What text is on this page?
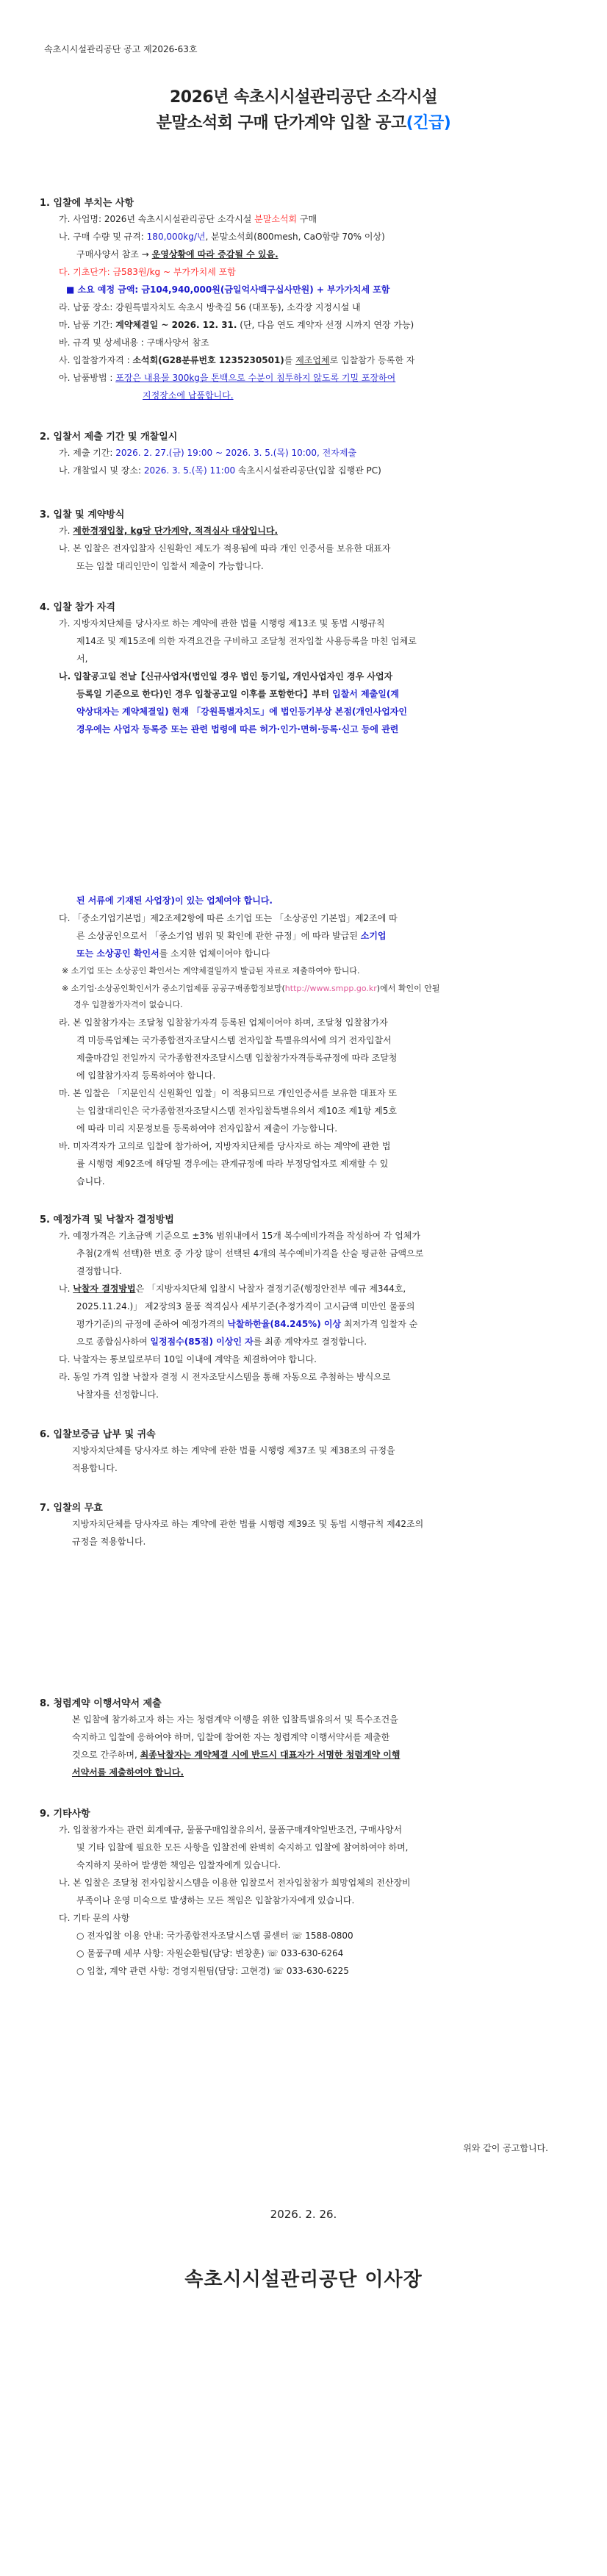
속초시시설관리공단 공고 제2026-63호
2026년 속초시시설관리공단 소각시설
분말소석회 구매 단가계약 입찰 공고(긴급)
1. 입찰에 부치는 사항
가. 사업명: 2026년 속초시시설관리공단 소각시설 분말소석회 구매
나. 구매 수량 및 규격: 180,000kg/년, 분말소석회(800mesh, CaO함량 70% 이상)
구매사양서 참조 → 운영상황에 따라 증감될 수 있음.
다. 기초단가: 금583원/kg ~ 부가가치세 포함
■ 소요 예정 금액: 금104,940,000원(금일억사백구십사만원) + 부가가치세 포함
라. 납품 장소: 강원특별자치도 속초시 방축길 56 (대포동), 소각장 지정시설 내
마. 납품 기간: 계약체결일 ~ 2026. 12. 31. (단, 다음 연도 계약자 선정 시까지 연장 가능)
바. 규격 및 상세내용 : 구매사양서 참조
사. 입찰참가자격 : 소석회(G28분류번호 1235230501)를 제조업체로 입찰참가 등록한 자
아. 납품방법 : 포장은 내용물 300kg을 톤백으로 수분이 침투하지 않도록 기밀 포장하여
지정장소에 납품합니다.
2. 입찰서 제출 기간 및 개찰일시
가. 제출 기간: 2026. 2. 27.(금) 19:00 ~ 2026. 3. 5.(목) 10:00, 전자제출
나. 개찰일시 및 장소: 2026. 3. 5.(목) 11:00 속초시시설관리공단(입찰 집행관 PC)
3. 입찰 및 계약방식
가. 제한경쟁입찰, kg당 단가계약, 적격심사 대상입니다.
나. 본 입찰은 전자입찰자 신원확인 제도가 적용됨에 따라 개인 인증서를 보유한 대표자
또는 입찰 대리인만이 입찰서 제출이 가능합니다.
4. 입찰 참가 자격
가. 지방자치단체를 당사자로 하는 계약에 관한 법률 시행령 제13조 및 동법 시행규칙
제14조 및 제15조에 의한 자격요건을 구비하고 조달청 전자입찰 사용등록을 마친 업체로
서,
나. 입찰공고일 전날【신규사업자(법인일 경우 법인 등기일, 개인사업자인 경우 사업자
등록일 기준으로 한다)인 경우 입찰공고일 이후를 포함한다】부터 입찰서 제출일(계
약상대자는 계약체결일) 현재 「강원특별자치도」에 법인등기부상 본점(개인사업자인
경우에는 사업자 등록증 또는 관련 법령에 따른 허가·인가·면허·등록·신고 등에 관련
된 서류에 기재된 사업장)이 있는 업체여야 합니다.
다. 「중소기업기본법」제2조제2항에 따른 소기업 또는 「소상공인 기본법」제2조에 따
른 소상공인으로서 「중소기업 범위 및 확인에 관한 규정」에 따라 발급된 소기업
또는 소상공인 확인서를 소지한 업체이어야 합니다
※ 소기업 또는 소상공인 확인서는 계약체결일까지 발급된 자료로 제출하여야 합니다.
※ 소기업·소상공인확인서가 중소기업제품 공공구매종합정보망(http://www.smpp.go.kr)에서 확인이 안될
경우 입찰참가자격이 없습니다.
라. 본 입찰참가자는 조달청 입찰참가자격 등록된 업체이어야 하며, 조달청 입찰참가자
격 미등록업체는 국가종합전자조달시스템 전자입찰 특별유의서에 의거 전자입찰서
제출마감일 전일까지 국가종합전자조달시스템 입찰참가자격등록규정에 따라 조달청
에 입찰참가자격 등록하여야 합니다.
마. 본 입찰은 「지문인식 신원확인 입찰」이 적용되므로 개인인증서를 보유한 대표자 또
는 입찰대리인은 국가종합전자조달시스템 전자입찰특별유의서 제10조 제1항 제5호
에 따라 미리 지문정보를 등록하여야 전자입찰서 제출이 가능합니다.
바. 미자격자가 고의로 입찰에 참가하여, 지방자치단체를 당사자로 하는 계약에 관한 법
률 시행령 제92조에 해당될 경우에는 관계규정에 따라 부정당업자로 제재할 수 있
습니다.
5. 예정가격 및 낙찰자 결정방법
가. 예정가격은 기초금액 기준으로 ±3% 범위내에서 15개 복수예비가격을 작성하여 각 업체가
추첨(2개씩 선택)한 번호 중 가장 많이 선택된 4개의 복수예비가격을 산술 평균한 금액으로
결정합니다.
나. 낙찰자 결정방법은 「지방자치단체 입찰시 낙찰자 결정기준(행정안전부 예규 제344호,
2025.11.24.)」 제2장의3 물품 적격심사 세부기준(추정가격이 고시금액 미만인 물품의
평가기준)의 규정에 준하여 예정가격의 낙찰하한율(84.245%) 이상 최저가격 입찰자 순
으로 종합심사하여 일정점수(85점) 이상인 자를 최종 계약자로 결정합니다.
다. 낙찰자는 통보일로부터 10일 이내에 계약을 체결하여야 합니다.
라. 동일 가격 입찰 낙찰자 결정 시 전자조달시스템을 통해 자동으로 추첨하는 방식으로
낙찰자를 선정합니다.
6. 입찰보증금 납부 및 귀속
지방자치단체를 당사자로 하는 계약에 관한 법률 시행령 제37조 및 제38조의 규정을
적용합니다.
7. 입찰의 무효
지방자치단체를 당사자로 하는 계약에 관한 법률 시행령 제39조 및 동법 시행규칙 제42조의
규정을 적용합니다.
8. 청렴계약 이행서약서 제출
본 입찰에 참가하고자 하는 자는 청렴계약 이행을 위한 입찰특별유의서 및 특수조건을
숙지하고 입찰에 응하여야 하며, 입찰에 참여한 자는 청렴계약 이행서약서를 제출한
것으로 간주하며, 최종낙찰자는 계약체결 시에 반드시 대표자가 서명한 청렴계약 이행
서약서를 제출하여야 합니다.
9. 기타사항
가. 입찰참가자는 관련 회계예규, 물품구매입찰유의서, 물품구매계약일반조건, 구매사양서
및 기타 입찰에 필요한 모든 사항을 입찰전에 완벽히 숙지하고 입찰에 참여하여야 하며,
숙지하지 못하여 발생한 책임은 입찰자에게 있습니다.
나. 본 입찰은 조달청 전자입찰시스템을 이용한 입찰로서 전자입찰참가 희망업체의 전산장비
부족이나 운영 미숙으로 발생하는 모든 책임은 입찰참가자에게 있습니다.
다. 기타 문의 사항
○ 전자입찰 이용 안내: 국가종합전자조달시스템 콜센터 ☏ 1588-0800
○ 물품구매 세부 사항: 자원순환팀(담당: 변창훈) ☏ 033-630-6264
○ 입찰, 계약 관련 사항: 경영지원팀(담당: 고현경) ☏ 033-630-6225
위와 같이 공고합니다.
2026. 2. 26.
속초시시설관리공단 이사장
